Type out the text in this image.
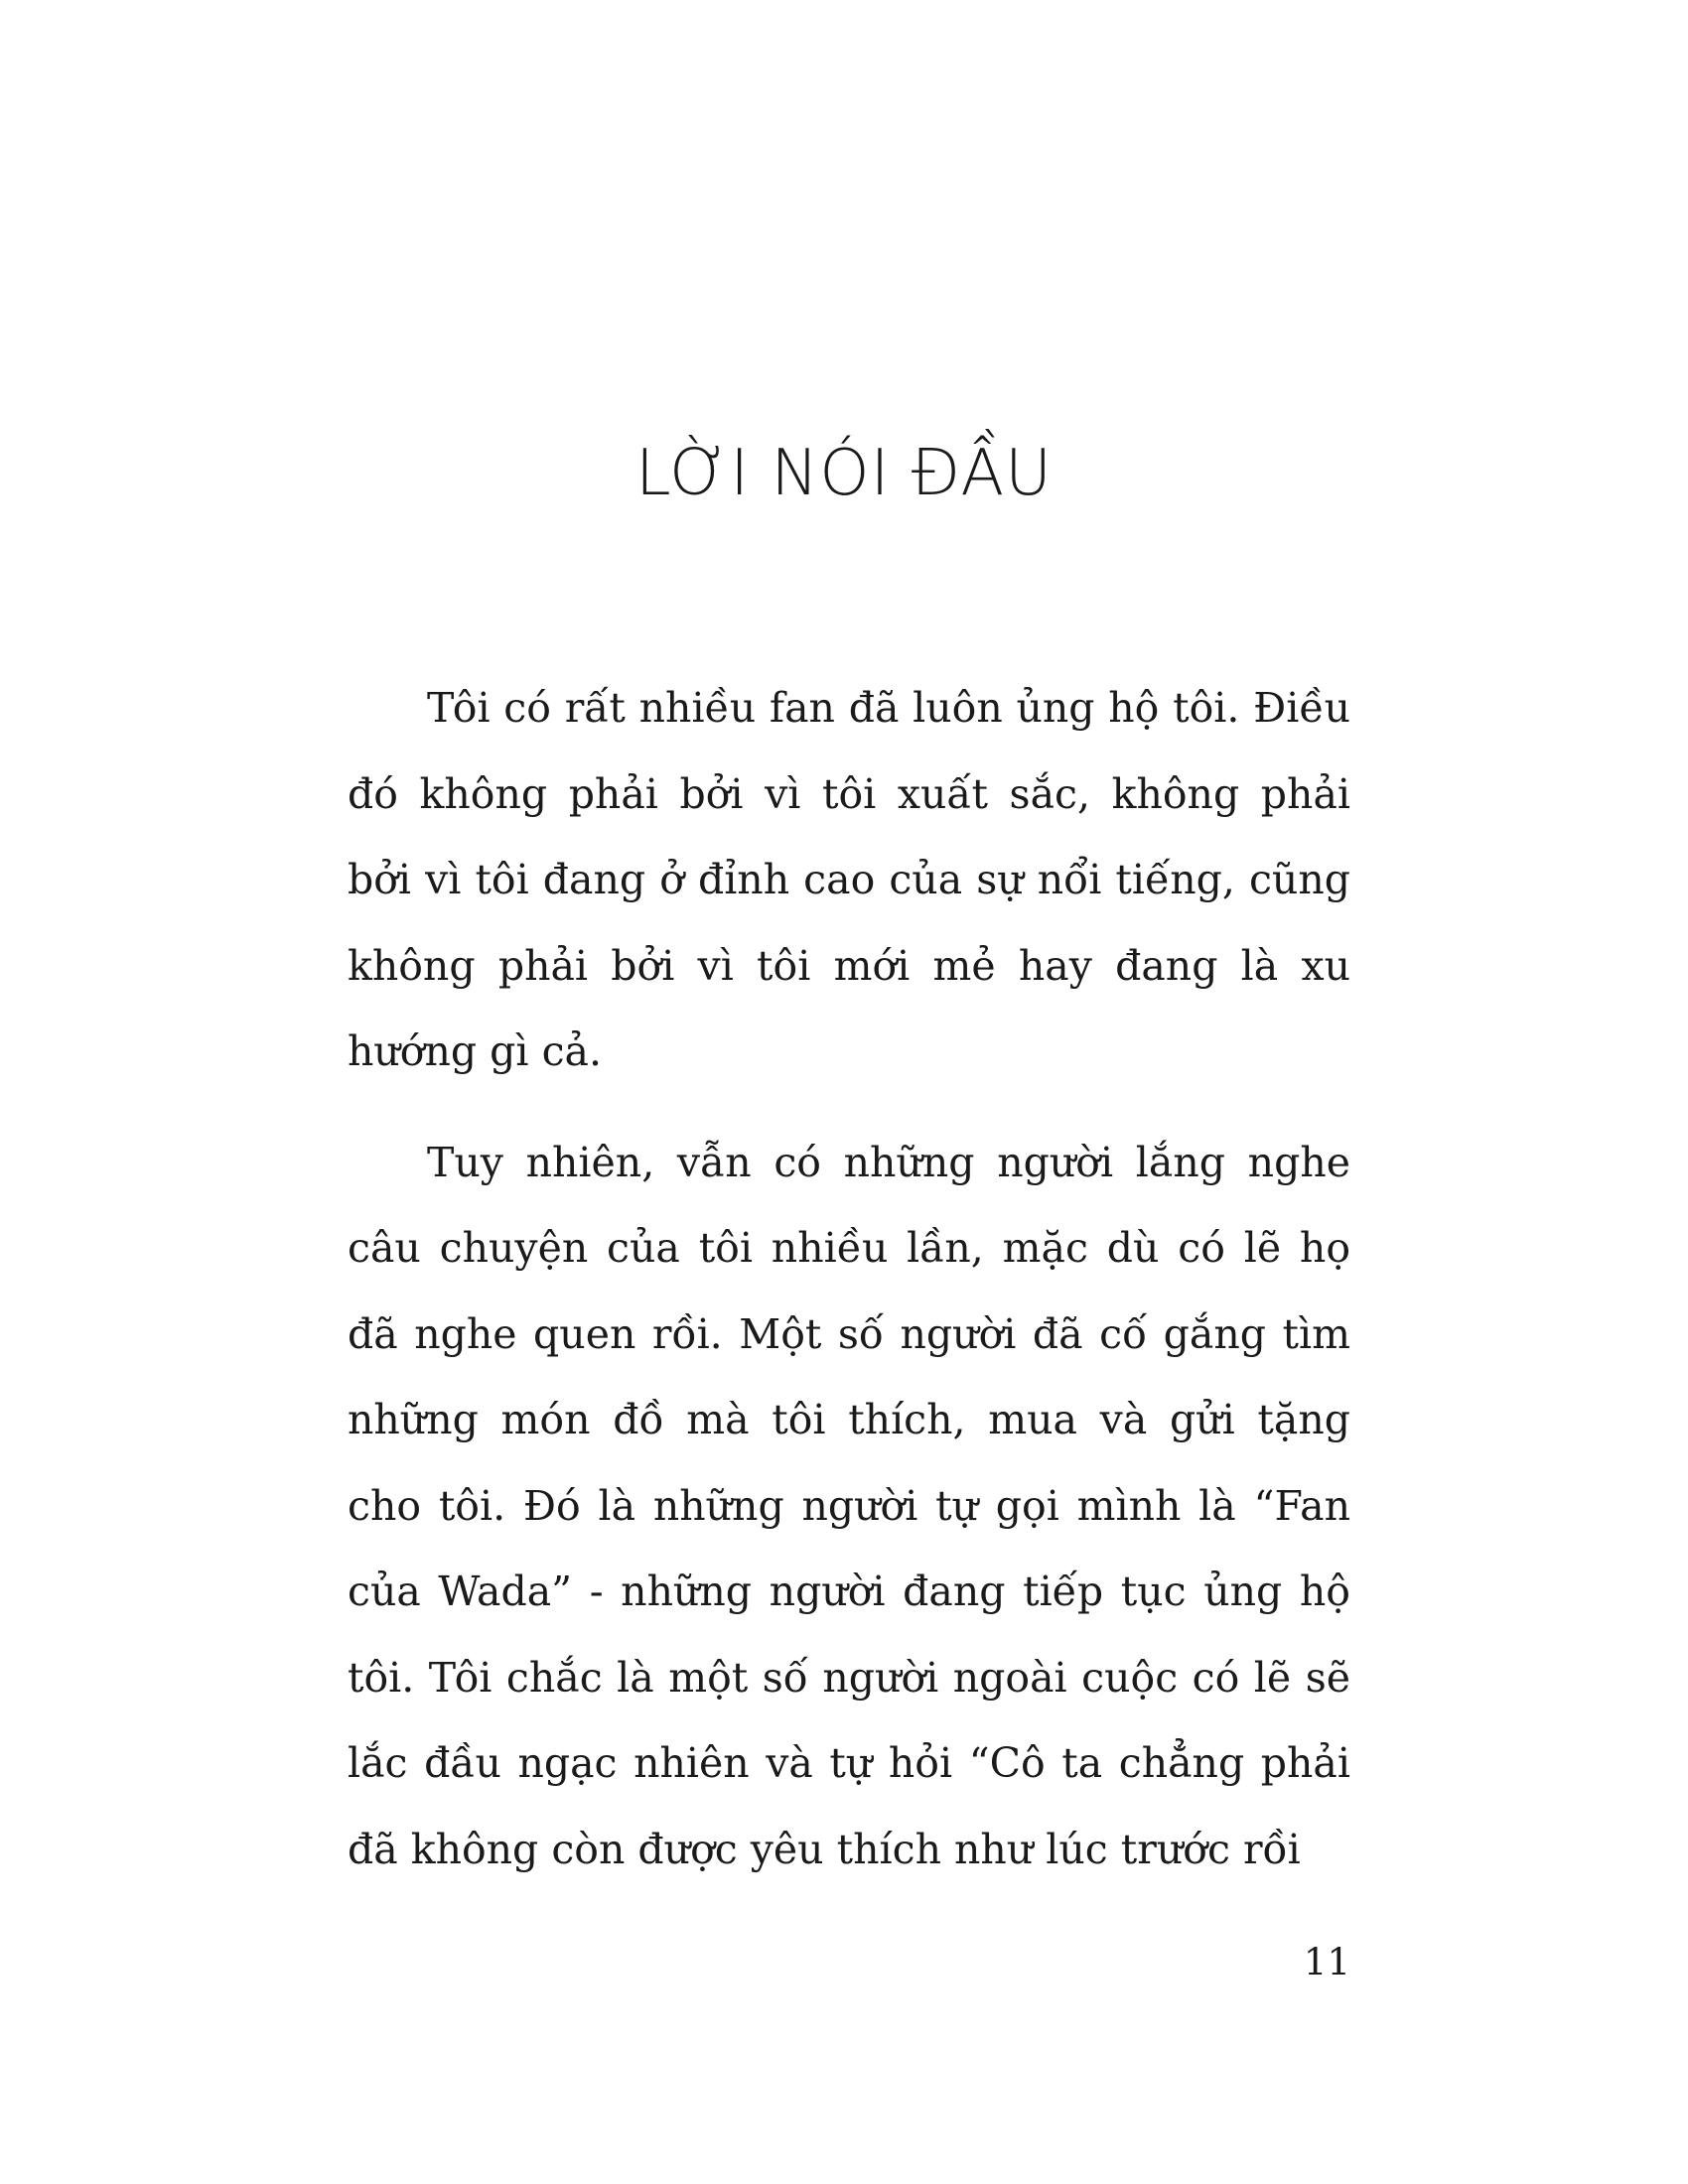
LỜI NÓI ĐẦU

Tôi có rất nhiều fan đã luôn ủng hộ tôi. Điều đó không phải bởi vì tôi xuất sắc, không phải bởi vì tôi đang ở đỉnh cao của sự nổi tiếng, cũng không phải bởi vì tôi mới mẻ hay đang là xu hướng gì cả.

Tuy nhiên, vẫn có những người lắng nghe câu chuyện của tôi nhiều lần, mặc dù có lẽ họ đã nghe quen rồi. Một số người đã cố gắng tìm những món đồ mà tôi thích, mua và gửi tặng cho tôi. Đó là những người tự gọi mình là “Fan của Wada” - những người đang tiếp tục ủng hộ tôi. Tôi chắc là một số người ngoài cuộc có lẽ sẽ lắc đầu ngạc nhiên và tự hỏi “Cô ta chẳng phải đã không còn được yêu thích như lúc trước rồi

11
